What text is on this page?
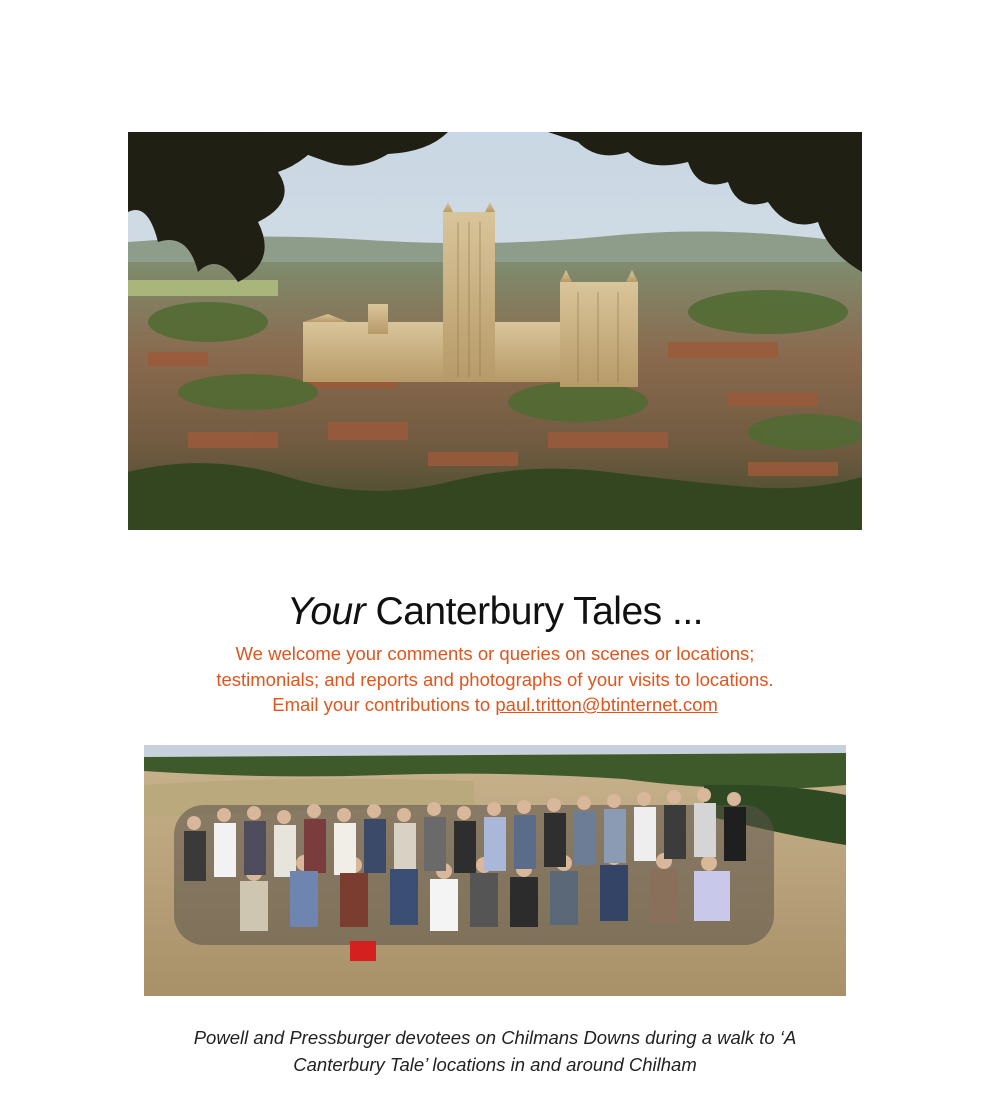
Your Canterbury Tales ...
We welcome your comments or queries on scenes or locations;
testimonials; and reports and photographs of your visits to locations.
Email your contributions to paul.tritton@btinternet.com
Powell and Pressburger devotees on Chilmans Downs during a walk to ‘A
Canterbury Tale’ locations in and around Chilham
